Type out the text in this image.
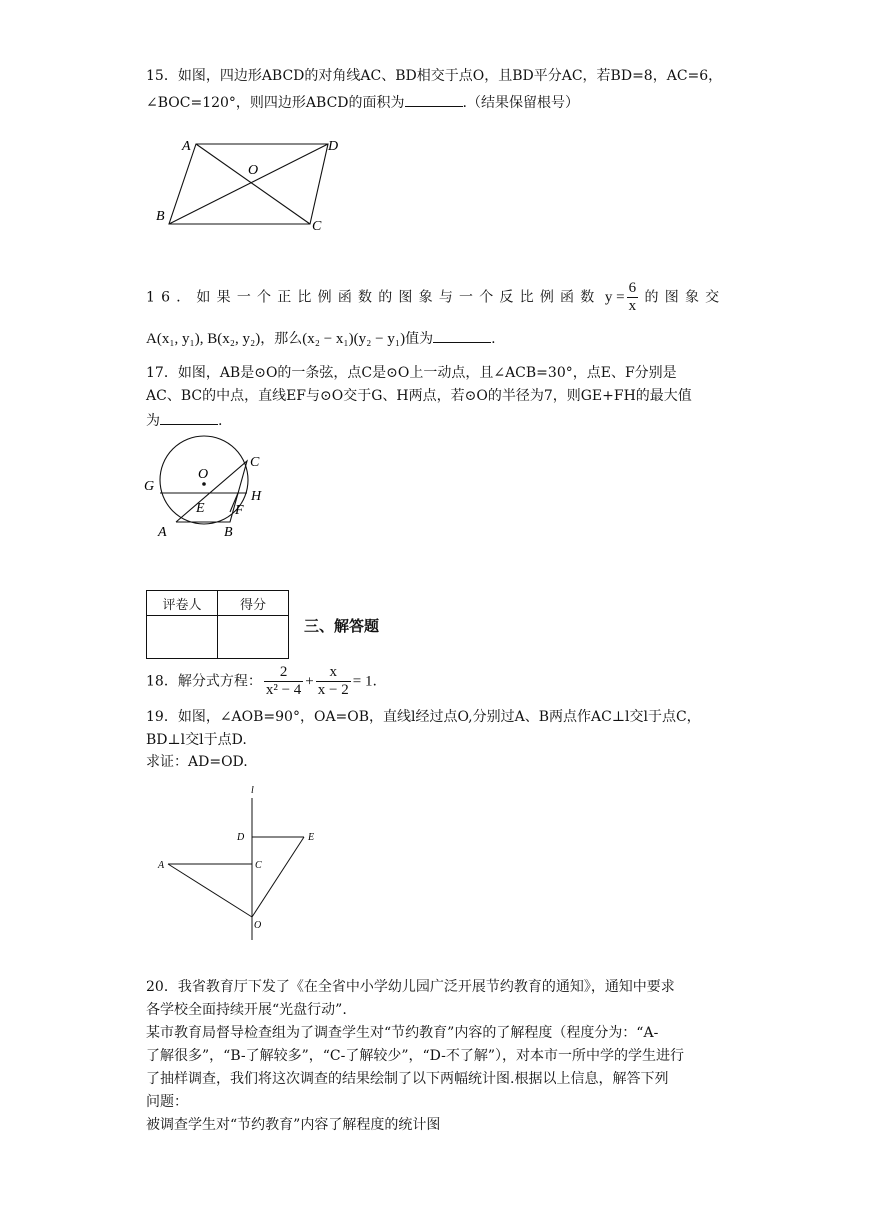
15．如图，四边形ABCD的对角线AC、BD相交于点O，且BD平分AC，若BD=8，AC=6，
∠BOC=120°，则四边形ABCD的面积为	.（结果保留根号）
A	D
O
B
C
16．如果一个正比例函数的图象与一个反比例函数 $y = \frac{6}{x}$ 的图象交
A(x₁, y₁), B(x₂, y₂)，那么(x₂ − x₁)(y₂ − y₁)值为	.
17．如图，AB是⊙O的一条弦，点C是⊙O上一动点，且∠ACB=30°，点E、F分别是
AC、BC的中点，直线EF与⊙O交于G、H两点，若⊙O的半径为7，则GE+FH的最大值
为	.
O
C
G
H
E F
A	B
评卷人	得分

三、解答题
18．解分式方程： $\frac{2}{\text{x² − 4}} + \frac{x}{x - 2} = 1$.
19．如图，∠AOB=90°，OA=OB，直线l经过点O,分别过A、B两点作AC⊥l交l于点C，
BD⊥l交l于点D.
求证：AD=OD.
l
D	E
A	C
O
20．我省教育厅下发了《在全省中小学幼儿园广泛开展节约教育的通知》，通知中要求
各学校全面持续开展“光盘行动”.
某市教育局督导检查组为了调查学生对“节约教育”内容的了解程度（程度分为：“A-
了解很多”，“B-了解较多”，“C-了解较少”，“D-不了解”），对本市一所中学的学生进行
了抽样调查，我们将这次调查的结果绘制了以下两幅统计图.根据以上信息，解答下列
问题：
被调查学生对“节约教育”内容了解程度的统计图
